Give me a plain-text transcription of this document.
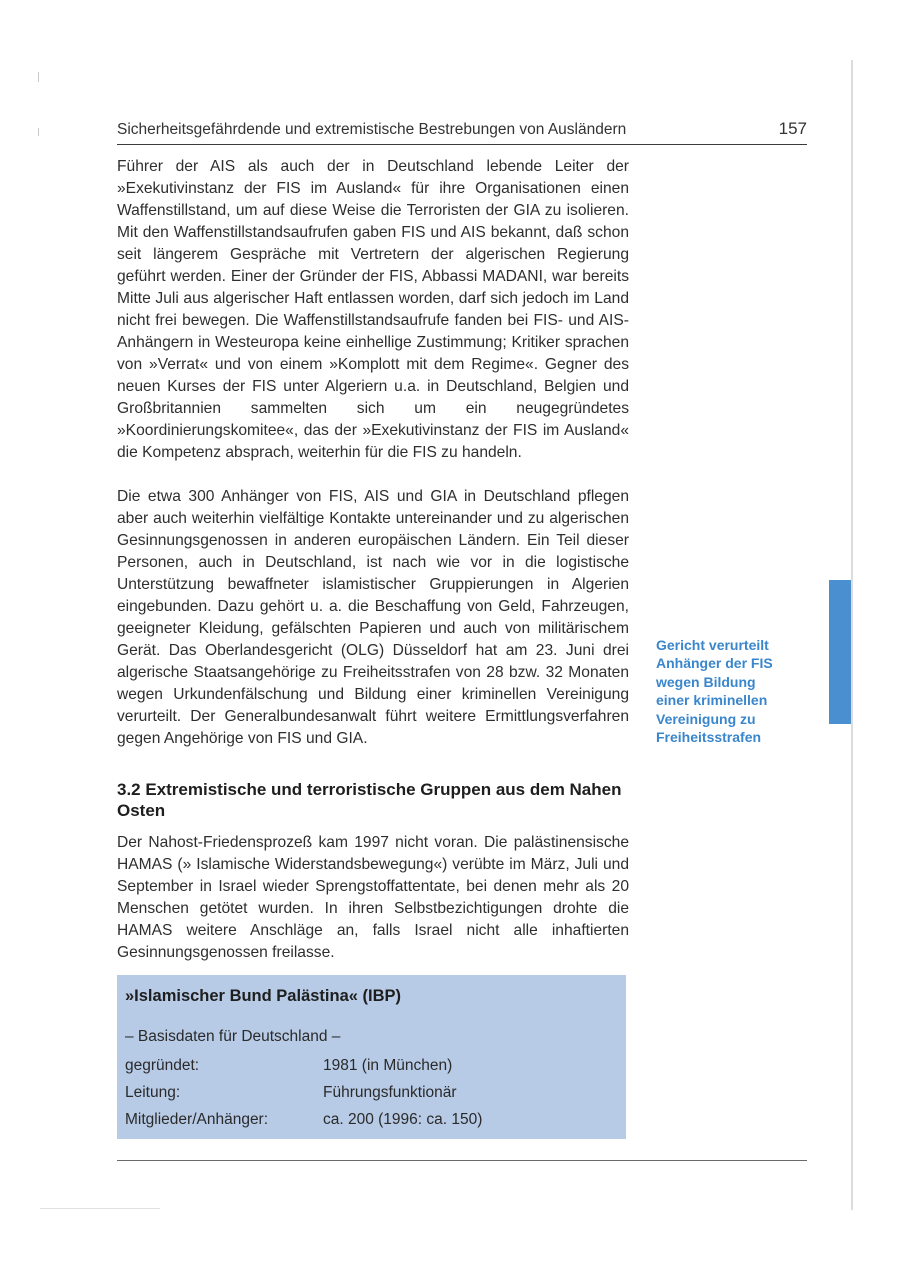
Sicherheitsgefährdende und extremistische Bestrebungen von Ausländern	157

Führer der AIS als auch der in Deutschland lebende Leiter der »Exekutivinstanz der FIS im Ausland« für ihre Organisationen einen Waffenstillstand, um auf diese Weise die Terroristen der GIA zu isolieren. Mit den Waffenstillstandsaufrufen gaben FIS und AIS bekannt, daß schon seit längerem Gespräche mit Vertretern der algerischen Regierung geführt werden. Einer der Gründer der FIS, Abbassi MADANI, war bereits Mitte Juli aus algerischer Haft entlassen worden, darf sich jedoch im Land nicht frei bewegen. Die Waffenstillstandsaufrufe fanden bei FIS- und AIS-Anhängern in Westeuropa keine einhellige Zustimmung; Kritiker sprachen von »Verrat« und von einem »Komplott mit dem Regime«. Gegner des neuen Kurses der FIS unter Algeriern u.a. in Deutschland, Belgien und Großbritannien sammelten sich um ein neugegründetes »Koordinierungskomitee«, das der »Exekutivinstanz der FIS im Ausland« die Kompetenz absprach, weiterhin für die FIS zu handeln.

Die etwa 300 Anhänger von FIS, AIS und GIA in Deutschland pflegen aber auch weiterhin vielfältige Kontakte untereinander und zu algerischen Gesinnungsgenossen in anderen europäischen Ländern. Ein Teil dieser Personen, auch in Deutschland, ist nach wie vor in die logistische Unterstützung bewaffneter islamistischer Gruppierungen in Algerien eingebunden. Dazu gehört u. a. die Beschaffung von Geld, Fahrzeugen, geeigneter Kleidung, gefälschten Papieren und auch von militärischem Gerät. Das Oberlandesgericht (OLG) Düsseldorf hat am 23. Juni drei algerische Staatsangehörige zu Freiheitsstrafen von 28 bzw. 32 Monaten wegen Urkundenfälschung und Bildung einer kriminellen Vereinigung verurteilt. Der Generalbundesanwalt führt weitere Ermittlungsverfahren gegen Angehörige von FIS und GIA.

Gericht verurteilt Anhänger der FIS wegen Bildung einer kriminellen Vereinigung zu Freiheitsstrafen

3.2 Extremistische und terroristische Gruppen aus dem Nahen Osten

Der Nahost-Friedensprozeß kam 1997 nicht voran. Die palästinensische HAMAS (» Islamische Widerstandsbewegung«) verübte im März, Juli und September in Israel wieder Sprengstoffattentate, bei denen mehr als 20 Menschen getötet wurden. In ihren Selbstbezichtigungen drohte die HAMAS weitere Anschläge an, falls Israel nicht alle inhaftierten Gesinnungsgenossen freilasse.

»Islamischer Bund Palästina« (IBP)
– Basisdaten für Deutschland –
gegründet:	1981 (in München)
Leitung:	Führungsfunktionär
Mitglieder/Anhänger:	ca. 200 (1996: ca. 150)
